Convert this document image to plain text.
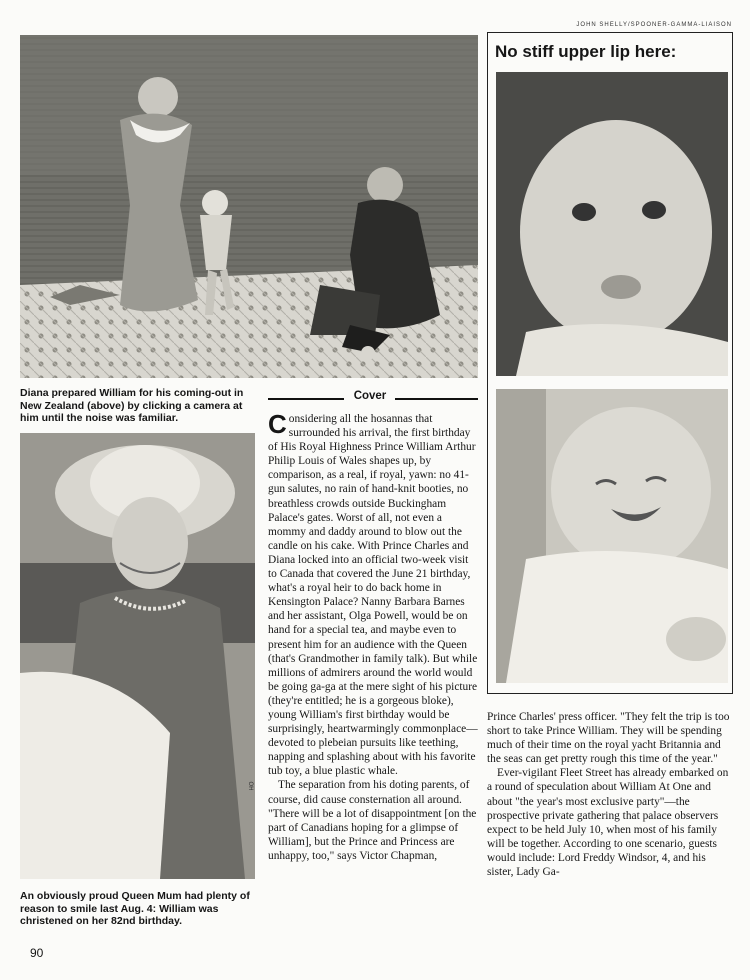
JOHN SHELLY/SPOONER-GAMMA-LIAISON
No stiff upper lip here:
Diana prepared William for his coming-out in New Zealand (above) by clicking a camera at him until the noise was familiar.
Cover
HO
An obviously proud Queen Mum had plenty of reason to smile last Aug. 4: William was christened on her 82nd birthday.

Considering all the hosannas that surrounded his arrival, the first birthday of His Royal Highness Prince William Arthur Philip Louis of Wales shapes up, by comparison, as a real, if royal, yawn: no 41-gun salutes, no rain of hand-knit booties, no breathless crowds outside Buckingham Palace's gates. Worst of all, not even a mommy and daddy around to blow out the candle on his cake. With Prince Charles and Diana locked into an official two-week visit to Canada that covered the June 21 birthday, what's a royal heir to do back home in Kensington Palace? Nanny Barbara Barnes and her assistant, Olga Powell, would be on hand for a special tea, and maybe even to present him for an audience with the Queen (that's Grandmother in family talk). But while millions of admirers around the world would be going ga-ga at the mere sight of his picture (they're entitled; he is a gorgeous bloke), young William's first birthday would be surprisingly, heartwarmingly commonplace—devoted to plebeian pursuits like teething, napping and splashing about with his favorite tub toy, a blue plastic whale.

The separation from his doting parents, of course, did cause consternation all around. "There will be a lot of disappointment [on the part of Canadians hoping for a glimpse of William], but the Prince and Princess are unhappy, too," says Victor Chapman,

Prince Charles' press officer. "They felt the trip is too short to take Prince William. They will be spending much of their time on the royal yacht Britannia and the seas can get pretty rough this time of the year."

Ever-vigilant Fleet Street has already embarked on a round of speculation about William At One and about "the year's most exclusive party"—the prospective private gathering that palace observers expect to be held July 10, when most of his family will be together. According to one scenario, guests would include: Lord Freddy Windsor, 4, and his sister, Lady Ga-

90
